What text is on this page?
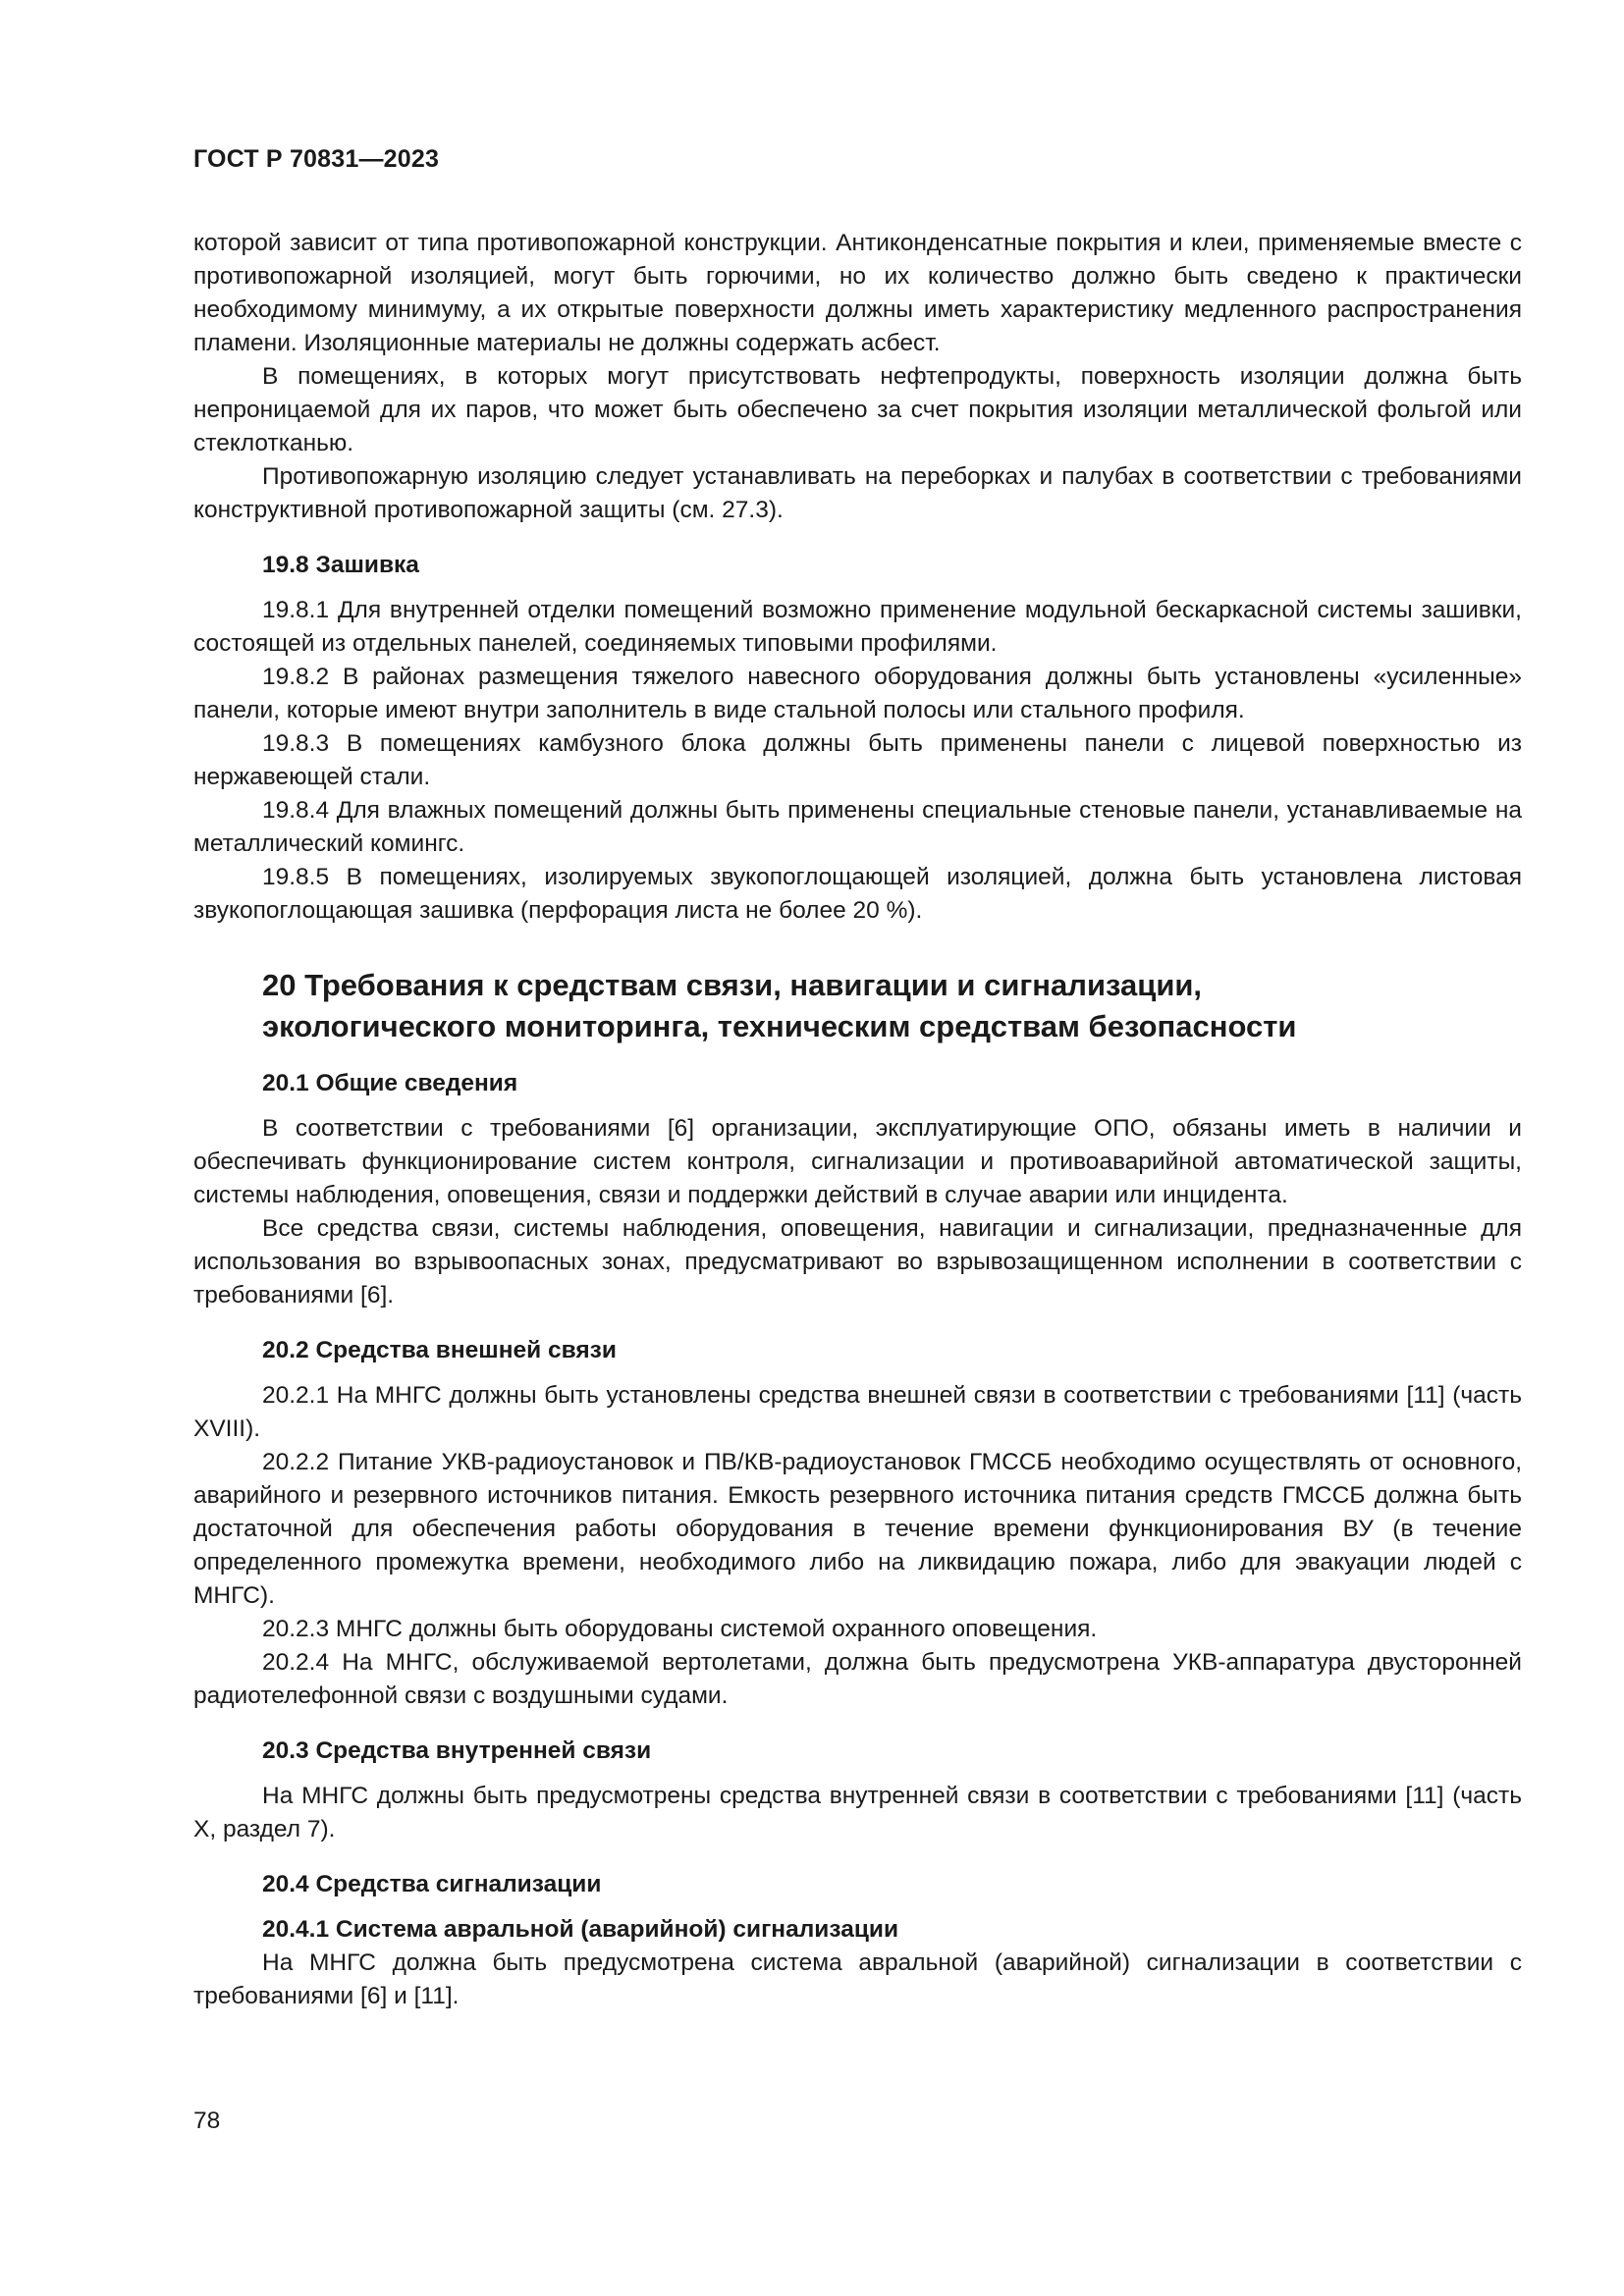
ГОСТ Р 70831—2023

которой зависит от типа противопожарной конструкции. Антиконденсатные покрытия и клеи, применяемые вместе с противопожарной изоляцией, могут быть горючими, но их количество должно быть сведено к практически необходимому минимуму, а их открытые поверхности должны иметь характеристику медленного распространения пламени. Изоляционные материалы не должны содержать асбест.

В помещениях, в которых могут присутствовать нефтепродукты, поверхность изоляции должна быть непроницаемой для их паров, что может быть обеспечено за счет покрытия изоляции металлической фольгой или стеклотканью.

Противопожарную изоляцию следует устанавливать на переборках и палубах в соответствии с требованиями конструктивной противопожарной защиты (см. 27.3).

19.8 Зашивка

19.8.1 Для внутренней отделки помещений возможно применение модульной бескаркасной системы зашивки, состоящей из отдельных панелей, соединяемых типовыми профилями.

19.8.2 В районах размещения тяжелого навесного оборудования должны быть установлены «усиленные» панели, которые имеют внутри заполнитель в виде стальной полосы или стального профиля.

19.8.3 В помещениях камбузного блока должны быть применены панели с лицевой поверхностью из нержавеющей стали.

19.8.4 Для влажных помещений должны быть применены специальные стеновые панели, устанавливаемые на металлический комингс.

19.8.5 В помещениях, изолируемых звукопоглощающей изоляцией, должна быть установлена листовая звукопоглощающая зашивка (перфорация листа не более 20 %).

20 Требования к средствам связи, навигации и сигнализации,
экологического мониторинга, техническим средствам безопасности
20.1 Общие сведения

В соответствии с требованиями [6] организации, эксплуатирующие ОПО, обязаны иметь в наличии и обеспечивать функционирование систем контроля, сигнализации и противоаварийной автоматической защиты, системы наблюдения, оповещения, связи и поддержки действий в случае аварии или инцидента.

Все средства связи, системы наблюдения, оповещения, навигации и сигнализации, предназначенные для использования во взрывоопасных зонах, предусматривают во взрывозащищенном исполнении в соответствии с требованиями [6].

20.2 Средства внешней связи

20.2.1 На МНГС должны быть установлены средства внешней связи в соответствии с требованиями [11] (часть XVIII).

20.2.2 Питание УКВ-радиоустановок и ПВ/КВ-радиоустановок ГМССБ необходимо осуществлять от основного, аварийного и резервного источников питания. Емкость резервного источника питания средств ГМССБ должна быть достаточной для обеспечения работы оборудования в течение времени функционирования ВУ (в течение определенного промежутка времени, необходимого либо на ликвидацию пожара, либо для эвакуации людей с МНГС).

20.2.3 МНГС должны быть оборудованы системой охранного оповещения.

20.2.4 На МНГС, обслуживаемой вертолетами, должна быть предусмотрена УКВ-аппаратура двусторонней радиотелефонной связи с воздушными судами.

20.3 Средства внутренней связи

На МНГС должны быть предусмотрены средства внутренней связи в соответствии с требованиями [11] (часть X, раздел 7).

20.4 Средства сигнализации
20.4.1 Система авральной (аварийной) сигнализации

На МНГС должна быть предусмотрена система авральной (аварийной) сигнализации в соответствии с требованиями [6] и [11].

78
